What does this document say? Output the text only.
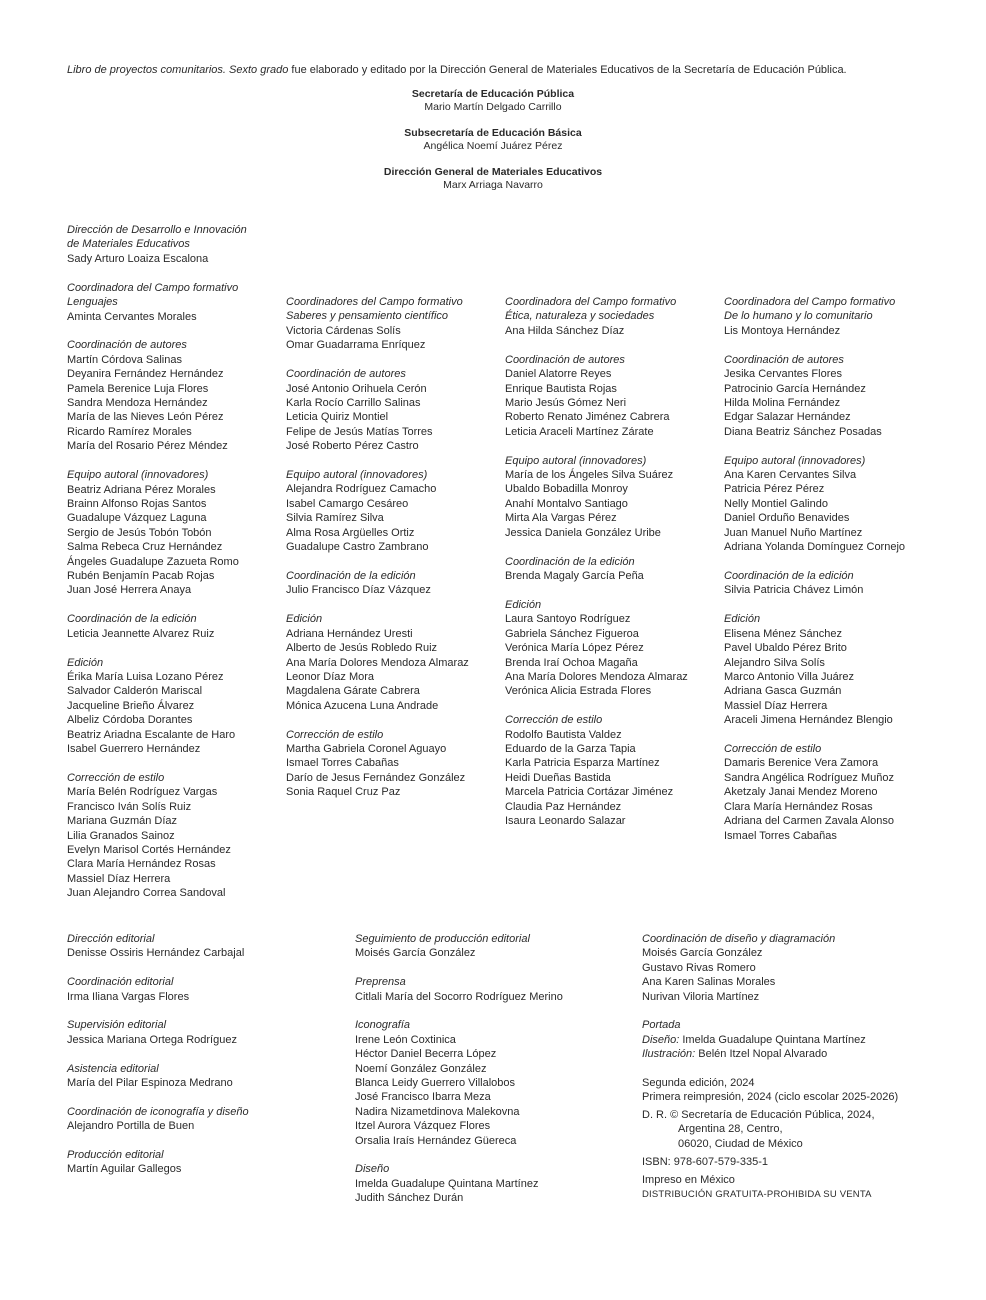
Libro de proyectos comunitarios. Sexto grado fue elaborado y editado por la Dirección General de Materiales Educativos de la Secretaría de Educación Pública.
Secretaría de Educación Pública
Mario Martín Delgado Carrillo
Subsecretaría de Educación Básica
Angélica Noemí Juárez Pérez
Dirección General de Materiales Educativos
Marx Arriaga Navarro
Dirección de Desarrollo e Innovación
de Materiales Educativos
Sady Arturo Loaiza Escalona
Coordinadora del Campo formativo
Lenguajes
Aminta Cervantes Morales
Coordinación de autores
Martín Córdova Salinas
Deyanira Fernández Hernández
Pamela Berenice Luja Flores
Sandra Mendoza Hernández
María de las Nieves León Pérez
Ricardo Ramírez Morales
María del Rosario Pérez Méndez
Equipo autoral (innovadores)
Beatriz Adriana Pérez Morales
Brainn Alfonso Rojas Santos
Guadalupe Vázquez Laguna
Sergio de Jesús Tobón Tobón
Salma Rebeca Cruz Hernández
Ángeles Guadalupe Zazueta Romo
Rubén Benjamín Pacab Rojas
Juan José Herrera Anaya
Coordinación de la edición
Leticia Jeannette Alvarez Ruiz
Edición
Érika María Luisa Lozano Pérez
Salvador Calderón Mariscal
Jacqueline Brieño Álvarez
Albeliz Córdoba Dorantes
Beatriz Ariadna Escalante de Haro
Isabel Guerrero Hernández
Corrección de estilo
María Belén Rodríguez Vargas
Francisco Iván Solís Ruiz
Mariana Guzmán Díaz
Lilia Granados Sainoz
Evelyn Marisol Cortés Hernández
Clara María Hernández Rosas
Massiel Díaz Herrera
Juan Alejandro Correa Sandoval
Coordinadores del Campo formativo
Saberes y pensamiento científico
Victoria Cárdenas Solís
Omar Guadarrama Enríquez
Coordinación de autores
José Antonio Orihuela Cerón
Karla Rocío Carrillo Salinas
Leticia Quiriz Montiel
Felipe de Jesús Matías Torres
José Roberto Pérez Castro
Equipo autoral (innovadores)
Alejandra Rodríguez Camacho
Isabel Camargo Cesáreo
Silvia Ramírez Silva
Alma Rosa Argüelles Ortiz
Guadalupe Castro Zambrano
Coordinación de la edición
Julio Francisco Díaz Vázquez
Edición
Adriana Hernández Uresti
Alberto de Jesús Robledo Ruiz
Ana María Dolores Mendoza Almaraz
Leonor Díaz Mora
Magdalena Gárate Cabrera
Mónica Azucena Luna Andrade
Corrección de estilo
Martha Gabriela Coronel Aguayo
Ismael Torres Cabañas
Darío de Jesus Fernández González
Sonia Raquel Cruz Paz
Coordinadora del Campo formativo
Ética, naturaleza y sociedades
Ana Hilda Sánchez Díaz
Coordinación de autores
Daniel Alatorre Reyes
Enrique Bautista Rojas
Mario Jesús Gómez Neri
Roberto Renato Jiménez Cabrera
Leticia Araceli Martínez Zárate
Equipo autoral (innovadores)
María de los Ángeles Silva Suárez
Ubaldo Bobadilla Monroy
Anahí Montalvo Santiago
Mirta Ala Vargas Pérez
Jessica Daniela González Uribe
Coordinación de la edición
Brenda Magaly García Peña
Edición
Laura Santoyo Rodríguez
Gabriela Sánchez Figueroa
Verónica María López Pérez
Brenda Iraí Ochoa Magaña
Ana María Dolores Mendoza Almaraz
Verónica Alicia Estrada Flores
Corrección de estilo
Rodolfo Bautista Valdez
Eduardo de la Garza Tapia
Karla Patricia Esparza Martínez
Heidi Dueñas Bastida
Marcela Patricia Cortázar Jiménez
Claudia Paz Hernández
Isaura Leonardo Salazar
Coordinadora del Campo formativo
De lo humano y lo comunitario
Lis Montoya Hernández
Coordinación de autores
Jesika Cervantes Flores
Patrocinio García Hernández
Hilda Molina Fernández
Edgar Salazar Hernández
Diana Beatriz Sánchez Posadas
Equipo autoral (innovadores)
Ana Karen Cervantes Silva
Patricia Pérez Pérez
Nelly Montiel Galindo
Daniel Orduño Benavides
Juan Manuel Nuño Martínez
Adriana Yolanda Domínguez Cornejo
Coordinación de la edición
Silvia Patricia Chávez Limón
Edición
Elisena Ménez Sánchez
Pavel Ubaldo Pérez Brito
Alejandro Silva Solís
Marco Antonio Villa Juárez
Adriana Gasca Guzmán
Massiel Díaz Herrera
Araceli Jimena Hernández Blengio
Corrección de estilo
Damaris Berenice Vera Zamora
Sandra Angélica Rodríguez Muñoz
Aketzaly Janai Mendez Moreno
Clara María Hernández Rosas
Adriana del Carmen Zavala Alonso
Ismael Torres Cabañas
Dirección editorial
Denisse Ossiris Hernández Carbajal
Coordinación editorial
Irma Iliana Vargas Flores
Supervisión editorial
Jessica Mariana Ortega Rodríguez
Asistencia editorial
María del Pilar Espinoza Medrano
Coordinación de iconografía y diseño
Alejandro Portilla de Buen
Producción editorial
Martín Aguilar Gallegos
Seguimiento de producción editorial
Moisés García González
Preprensa
Citlali María del Socorro Rodríguez Merino
Iconografía
Irene León Coxtinica
Héctor Daniel Becerra López
Noemí González González
Blanca Leidy Guerrero Villalobos
José Francisco Ibarra Meza
Nadira Nizametdinova Malekovna
Itzel Aurora Vázquez Flores
Orsalia Iraís Hernández Güereca
Diseño
Imelda Guadalupe Quintana Martínez
Judith Sánchez Durán
Coordinación de diseño y diagramación
Moisés García González
Gustavo Rivas Romero
Ana Karen Salinas Morales
Nurivan Viloria Martínez
Portada
Diseño: Imelda Guadalupe Quintana Martínez
Ilustración: Belén Itzel Nopal Alvarado
Segunda edición, 2024
Primera reimpresión, 2024 (ciclo escolar 2025-2026)
D. R. © Secretaría de Educación Pública, 2024,
Argentina 28, Centro,
06020, Ciudad de México
ISBN: 978-607-579-335-1
Impreso en México
DISTRIBUCIÓN GRATUITA-PROHIBIDA SU VENTA
